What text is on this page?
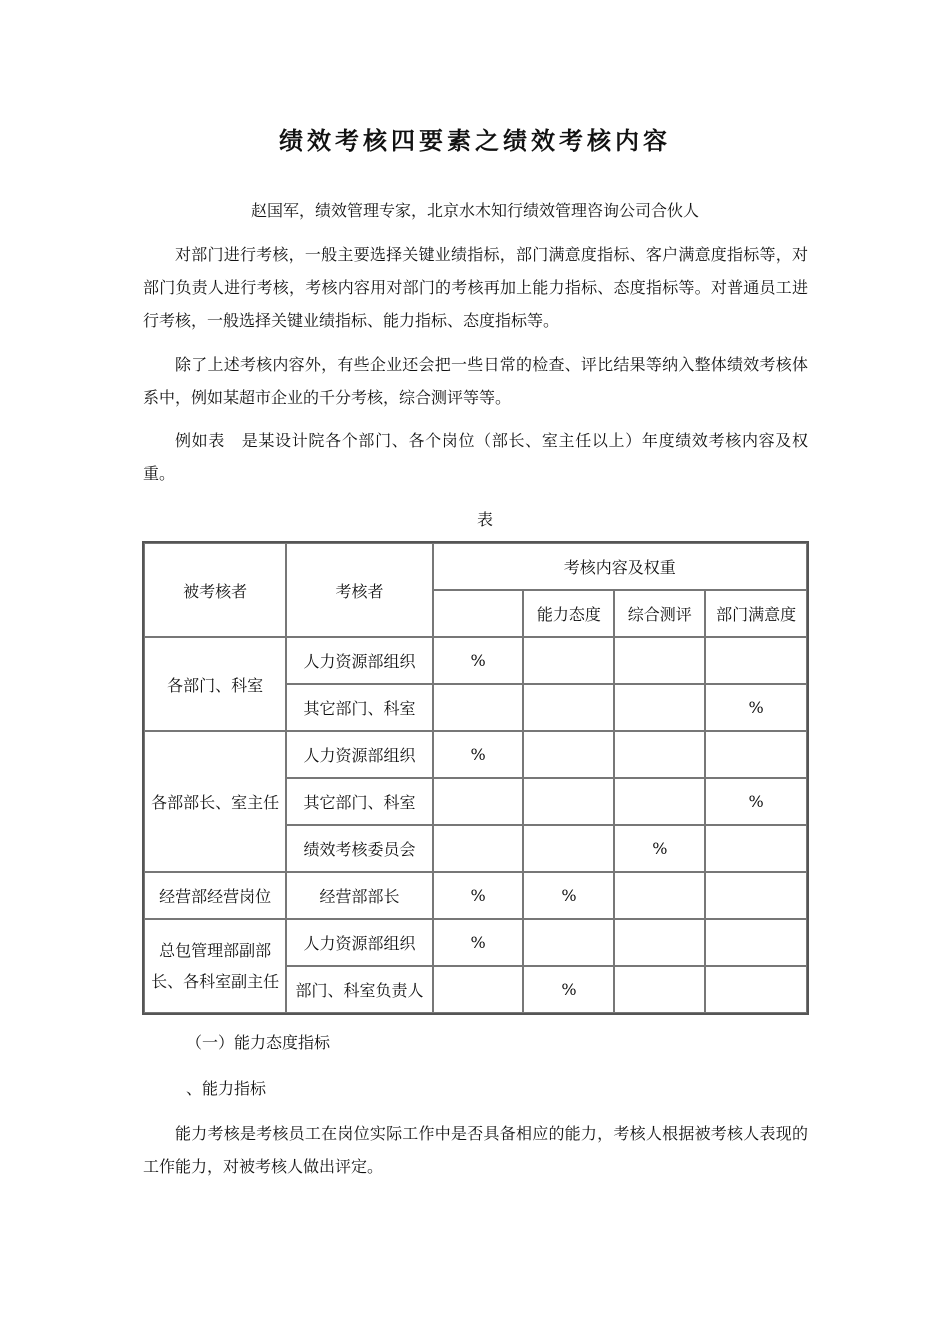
绩效考核四要素之绩效考核内容
赵国军，绩效管理专家，北京水木知行绩效管理咨询公司合伙人

对部门进行考核，一般主要选择关键业绩指标，部门满意度指标、客户满意度指标等，对部门负责人进行考核，考核内容用对部门的考核再加上能力指标、态度指标等。对普通员工进行考核，一般选择关键业绩指标、能力指标、态度指标等。

除了上述考核内容外，有些企业还会把一些日常的检查、评比结果等纳入整体绩效考核体系中，例如某超市企业的千分考核，综合测评等等。

例如表　是某设计院各个部门、各个岗位（部长、室主任以上）年度绩效考核内容及权重。

表
被考核者	考核者	考核内容及权重			
			能力态度	综合测评	部门满意度
各部门、科室	人力资源部组织	%			
	其它部门、科室				%
各部部长、室主任	人力资源部组织	%			
	其它部门、科室				%
	绩效考核委员会			%	
经营部经营岗位	经营部部长	%	%		
总包管理部副部长、各科室副主任	人力资源部组织	%			
	部门、科室负责人		%		
（一）能力态度指标
、能力指标

能力考核是考核员工在岗位实际工作中是否具备相应的能力，考核人根据被考核人表现的工作能力，对被考核人做出评定。
